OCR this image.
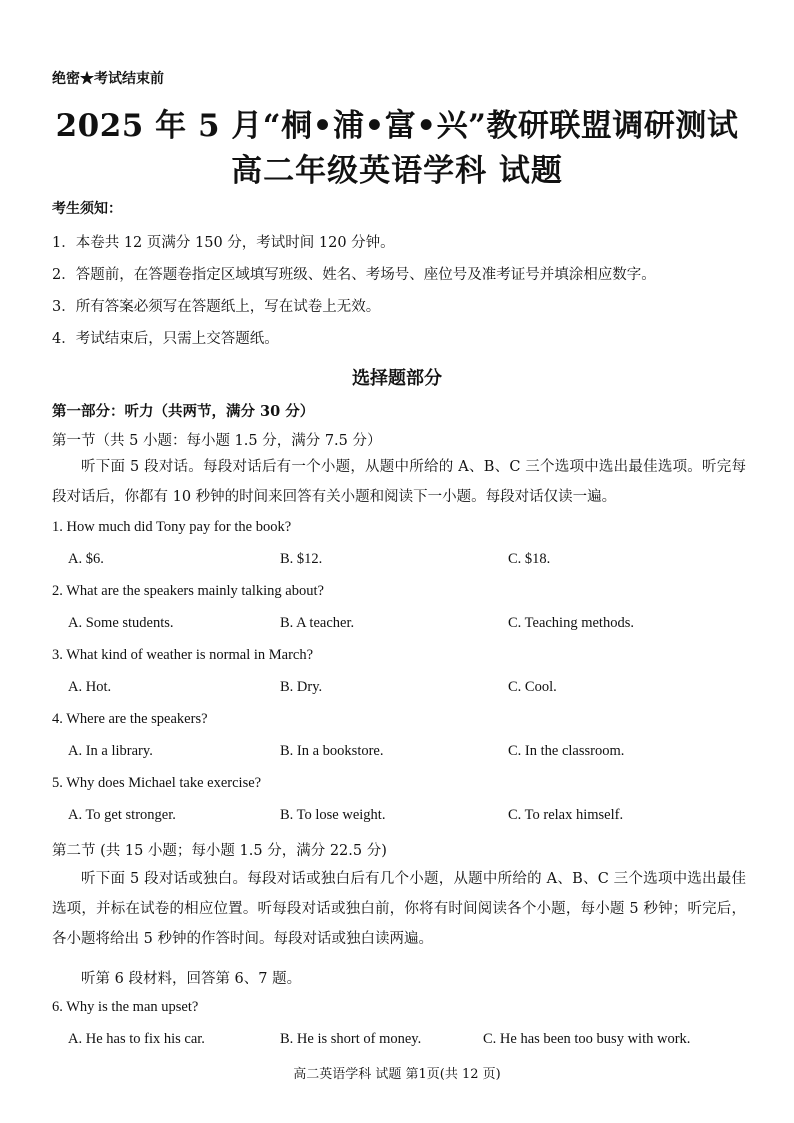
绝密★考试结束前
2025 年 5 月“桐•浦•富•兴”教研联盟调研测试
高二年级英语学科 试题
考生须知：
1．本卷共 12 页满分 150 分，考试时间 120 分钟。
2．答题前，在答题卷指定区域填写班级、姓名、考场号、座位号及准考证号并填涂相应数字。
3．所有答案必须写在答题纸上，写在试卷上无效。
4．考试结束后，只需上交答题纸。
选择题部分
第一部分：听力（共两节，满分 30 分）
第一节（共 5 小题：每小题 1.5 分，满分 7.5 分）
听下面 5 段对话。每段对话后有一个小题，从题中所给的 A、B、C 三个选项中选出最佳选项。听完每段对话后，你都有 10 秒钟的时间来回答有关小题和阅读下一小题。每段对话仅读一遍。
1. How much did Tony pay for the book?
A. $6.	B. $12.	C. $18.
2. What are the speakers mainly talking about?
A. Some students.	B. A teacher.	C. Teaching methods.
3. What kind of weather is normal in March?
A. Hot.	B. Dry.	C. Cool.
4. Where are the speakers?
A. In a library.	B. In a bookstore.	C. In the classroom.
5. Why does Michael take exercise?
A. To get stronger.	B. To lose weight.	C. To relax himself.
第二节 (共 15 小题；每小题 1.5 分，满分 22.5 分)
听下面 5 段对话或独白。每段对话或独白后有几个小题，从题中所给的 A、B、C 三个选项中选出最佳选项，并标在试卷的相应位置。听每段对话或独白前，你将有时间阅读各个小题，每小题 5 秒钟；听完后，各小题将给出 5 秒钟的作答时间。每段对话或独白读两遍。
听第 6 段材料，回答第 6、7 题。
6. Why is the man upset?
A. He has to fix his car.	B. He is short of money.	C. He has been too busy with work.
高二英语学科 试题 第1页(共 12 页)
